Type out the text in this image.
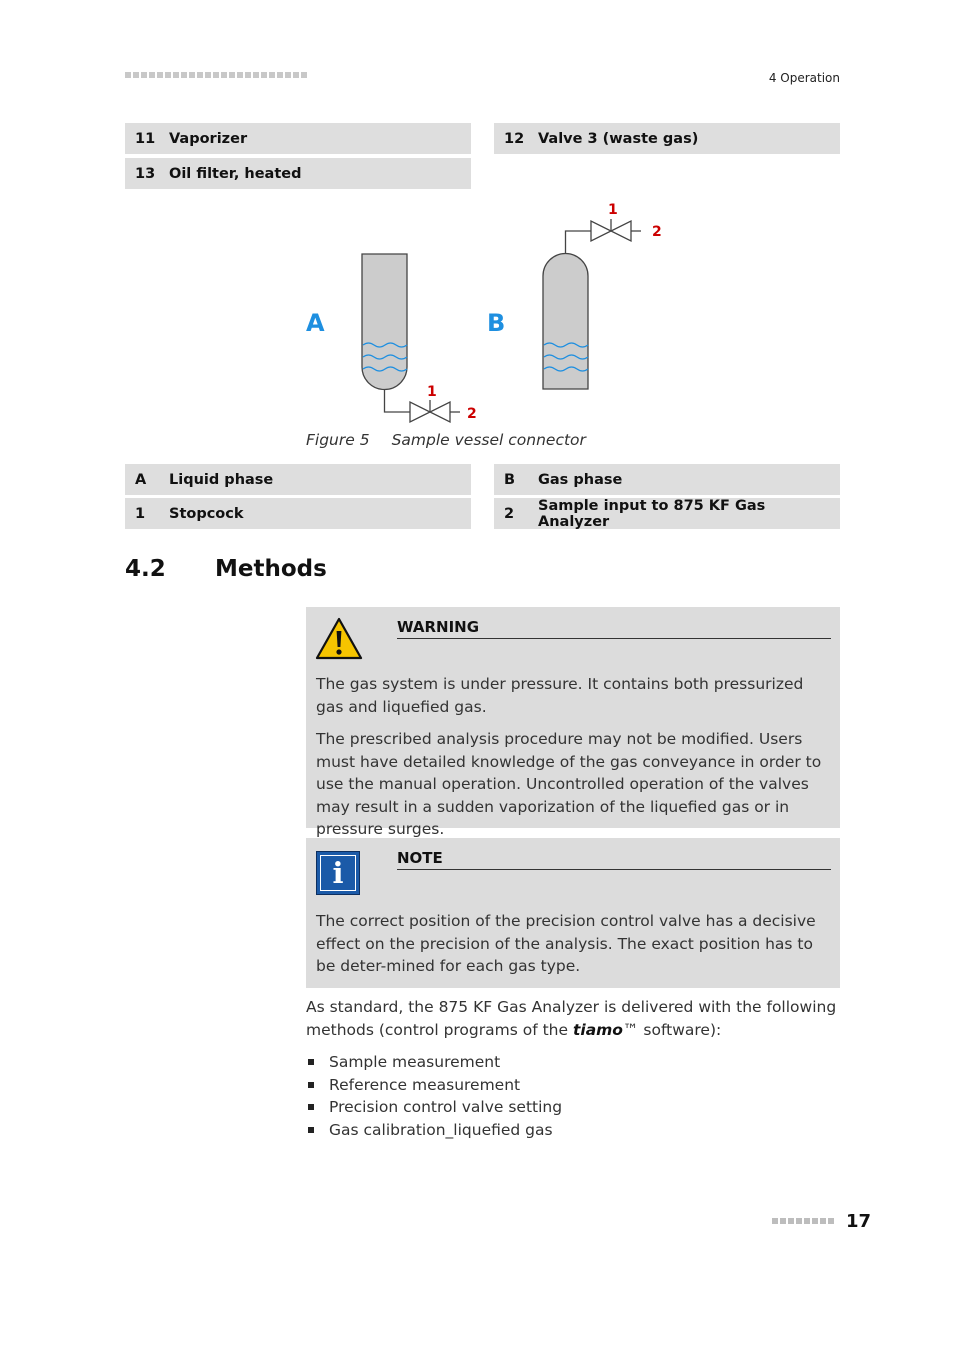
4 Operation
11 Vaporizer	12 Valve 3 (waste gas)
13 Oil filter, heated
A	B
1
2
1
2
Figure 5 Sample vessel connector
A	Liquid phase	B	Gas phase
1	Stopcock	2	Sample input to 875 KF Gas Analyzer
4.2 Methods
WARNING

The gas system is under pressure. It contains both pressurized gas and liquefied gas.

The prescribed analysis procedure may not be modified. Users must have detailed knowledge of the gas conveyance in order to use the manual operation. Uncontrolled operation of the valves may result in a sudden vaporization of the liquefied gas or in pressure surges.

i	NOTE

The correct position of the precision control valve has a decisive effect on the precision of the analysis. The exact position has to be deter-mined for each gas type.

As standard, the 875 KF Gas Analyzer is delivered with the following methods (control programs of the tiamo™ software):
Sample measurement
Reference measurement
Precision control valve setting
Gas calibration_liquefied gas
17
